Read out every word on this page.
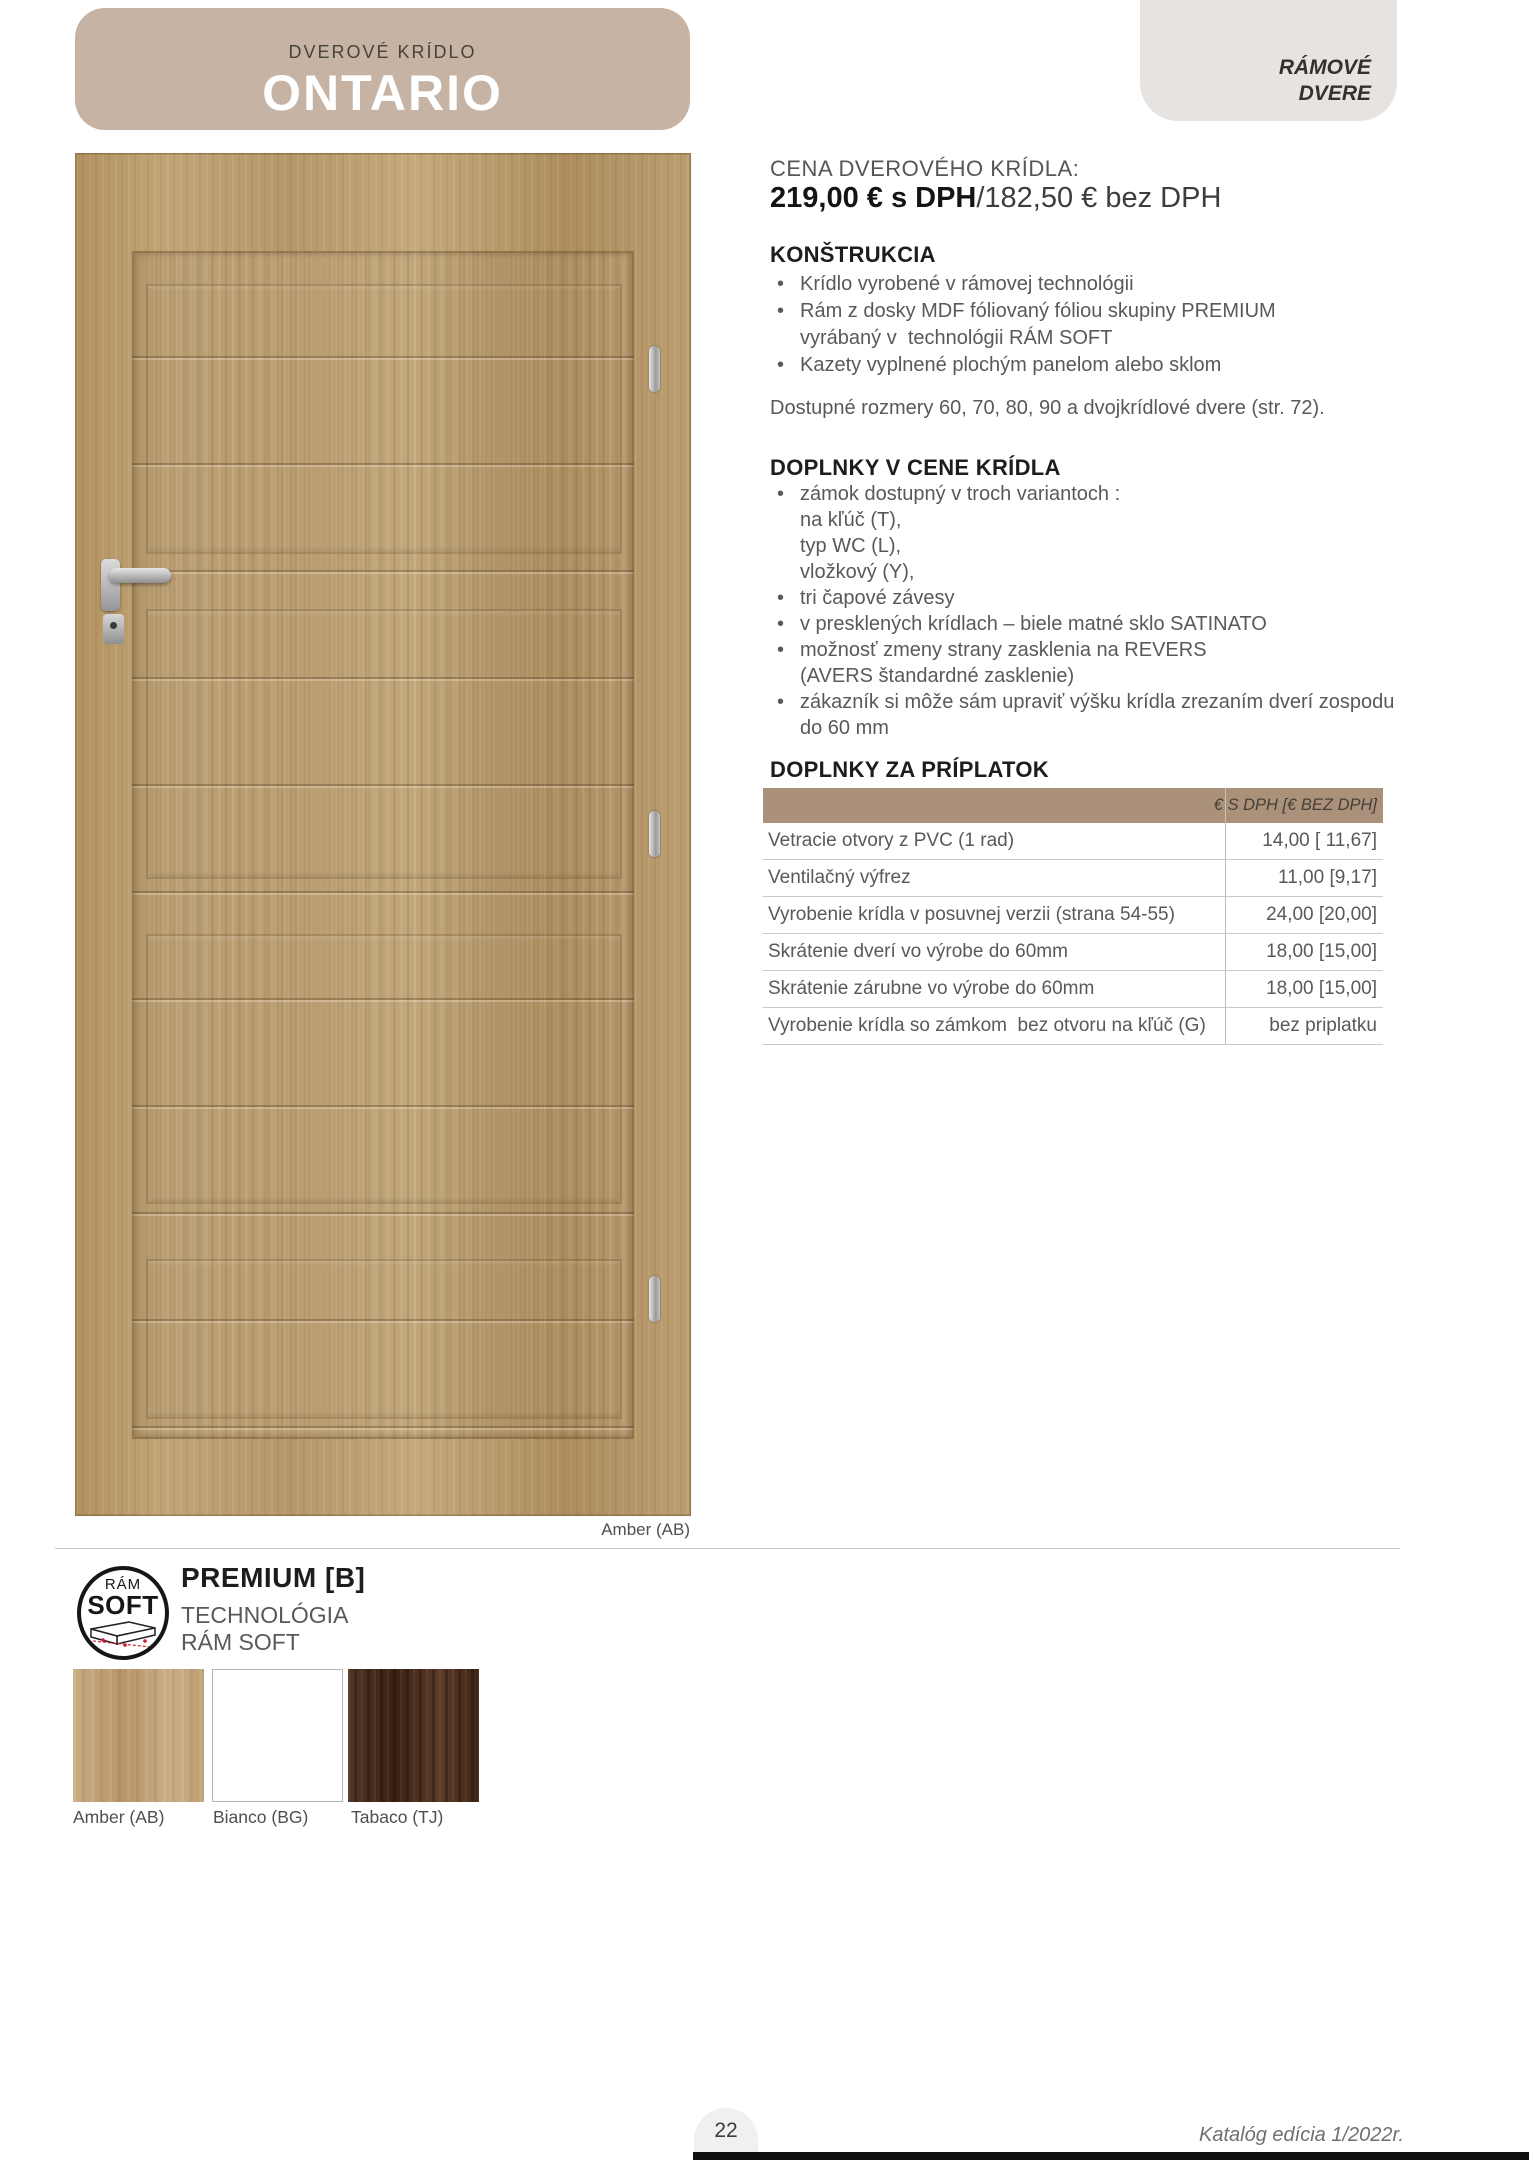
DVEROVÉ KRÍDLO
ONTARIO	RÁMOVÉ
DVERE
Amber (AB)
CENA DVEROVÉHO KRÍDLA:
219,00 € s DPH/182,50 € bez DPH
KONŠTRUKCIA
• Krídlo vyrobené v rámovej technológii
• Rám z dosky MDF fóliovaný fóliou skupiny PREMIUM
vyrábaný v  technológii RÁM SOFT
• Kazety vyplnené plochým panelom alebo sklom
Dostupné rozmery 60, 70, 80, 90 a dvojkrídlové dvere (str. 72).
DOPLNKY V CENE KRÍDLA
• zámok dostupný v troch variantoch :
na kľúč (T),
typ WC (L),
vložkový (Y),
• tri čapové závesy
• v presklených krídlach – biele matné sklo SATINATO
• možnosť zmeny strany zasklenia na REVERS
(AVERS štandardné zasklenie)
• zákazník si môže sám upraviť výšku krídla zrezaním dverí zospodu
do 60 mm
DOPLNKY ZA PRÍPLATOK
€ S DPH [€ BEZ DPH]
Vetracie otvory z PVC (1 rad)	14,00 [ 11,67]
Ventilačný výfrez	11,00 [9,17]
Vyrobenie krídla v posuvnej verzii (strana 54-55)	24,00 [20,00]
Skrátenie dverí vo výrobe do 60mm	18,00 [15,00]
Skrátenie zárubne vo výrobe do 60mm	18,00 [15,00]
Vyrobenie krídla so zámkom  bez otvoru na kľúč (G)	bez priplatku
RÁM
SOFT
PREMIUM [B]
TECHNOLÓGIA
RÁM SOFT
Amber (AB)	Bianco (BG) Tabaco (TJ)
22	Katalóg edícia 1/2022r.
